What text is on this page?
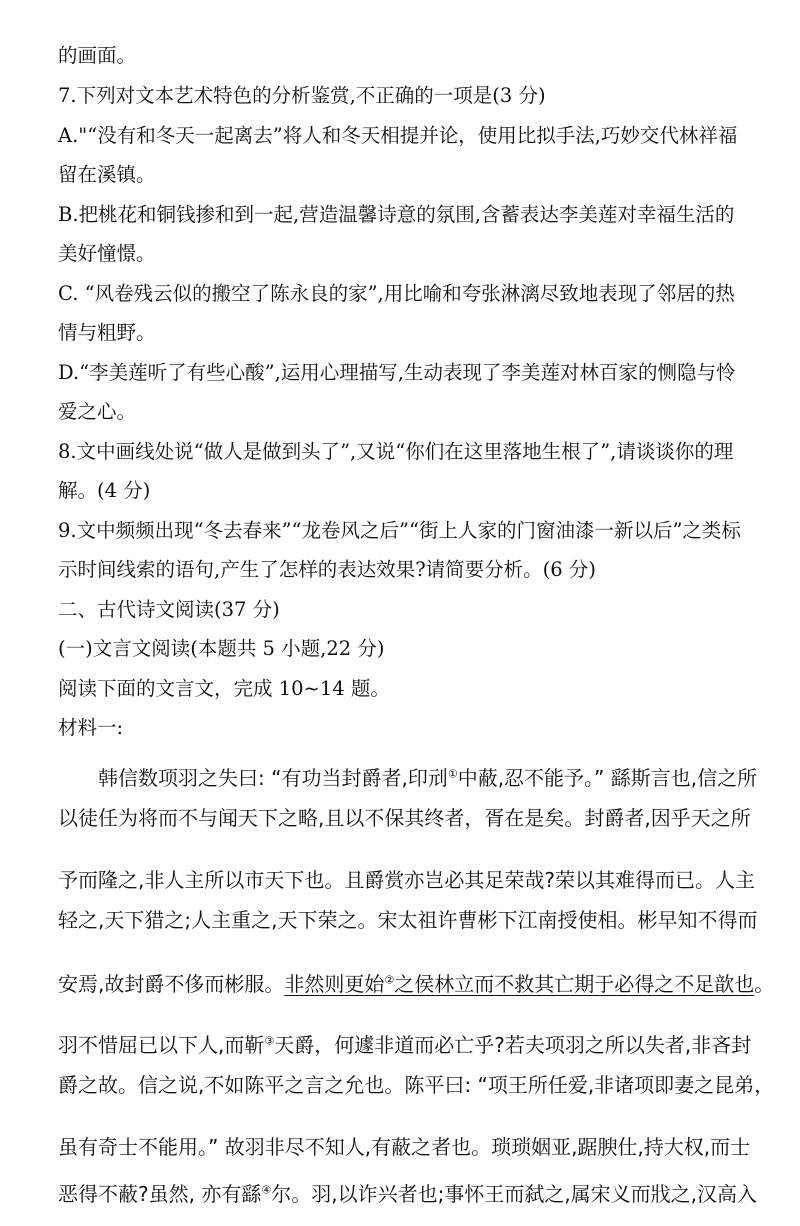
的画面。
7.下列对文本艺术特色的分析鉴赏,不正确的一项是(3 分)
A."“没有和冬天一起离去”将人和冬天相提并论，使用比拟手法,巧妙交代林祥福
留在溪镇。
B.把桃花和铜钱掺和到一起,营造温馨诗意的氛围,含蓄表达李美莲对幸福生活的
美好憧憬。
C. “风卷残云似的搬空了陈永良的家”,用比喻和夸张淋漓尽致地表现了邻居的热
情与粗野。
D.“李美莲听了有些心酸”,运用心理描写,生动表现了李美莲对林百家的恻隐与怜
爱之心。
8.文中画线处说“做人是做到头了”,又说“你们在这里落地生根了”,请谈谈你的理
解。(4 分)
9.文中频频出现“冬去春来”“龙卷风之后”“街上人家的门窗油漆一新以后”之类标
示时间线索的语句,产生了怎样的表达效果?请简要分析。(6 分)
二、古代诗文阅读(37 分)
(一)文言文阅读(本题共 5 小题,22 分)
阅读下面的文言文，完成 10~14 题。
材料一:
韩信数项羽之失曰: “有功当封爵者,印刓①中蔽,忍不能予。” 繇斯言也,信之所
以徒任为将而不与闻天下之略,且以不保其终者，胥在是矣。封爵者,因乎天之所
予而隆之,非人主所以市天下也。且爵赏亦岂必其足荣哉?荣以其难得而已。人主
轻之,天下猎之;人主重之,天下荣之。宋太祖许曹彬下江南授使相。彬早知不得而
安焉,故封爵不侈而彬服。非然则更始②之侯林立而不救其亡期于必得之不足歆也。
羽不惜屈已以下人,而靳③天爵，何遽非道而必亡乎?若夫项羽之所以失者,非吝封
爵之故。信之说,不如陈平之言之允也。陈平曰: “项王所任爱,非诸项即妻之昆弟，
虽有奇士不能用。” 故羽非尽不知人,有蔽之者也。琐琐姻亚,踞腴仕,持大权,而士
恶得不蔽?虽然, 亦有繇④尔。羽,以诈兴者也;事怀王而弑之,属宋义而戕之,汉高入
